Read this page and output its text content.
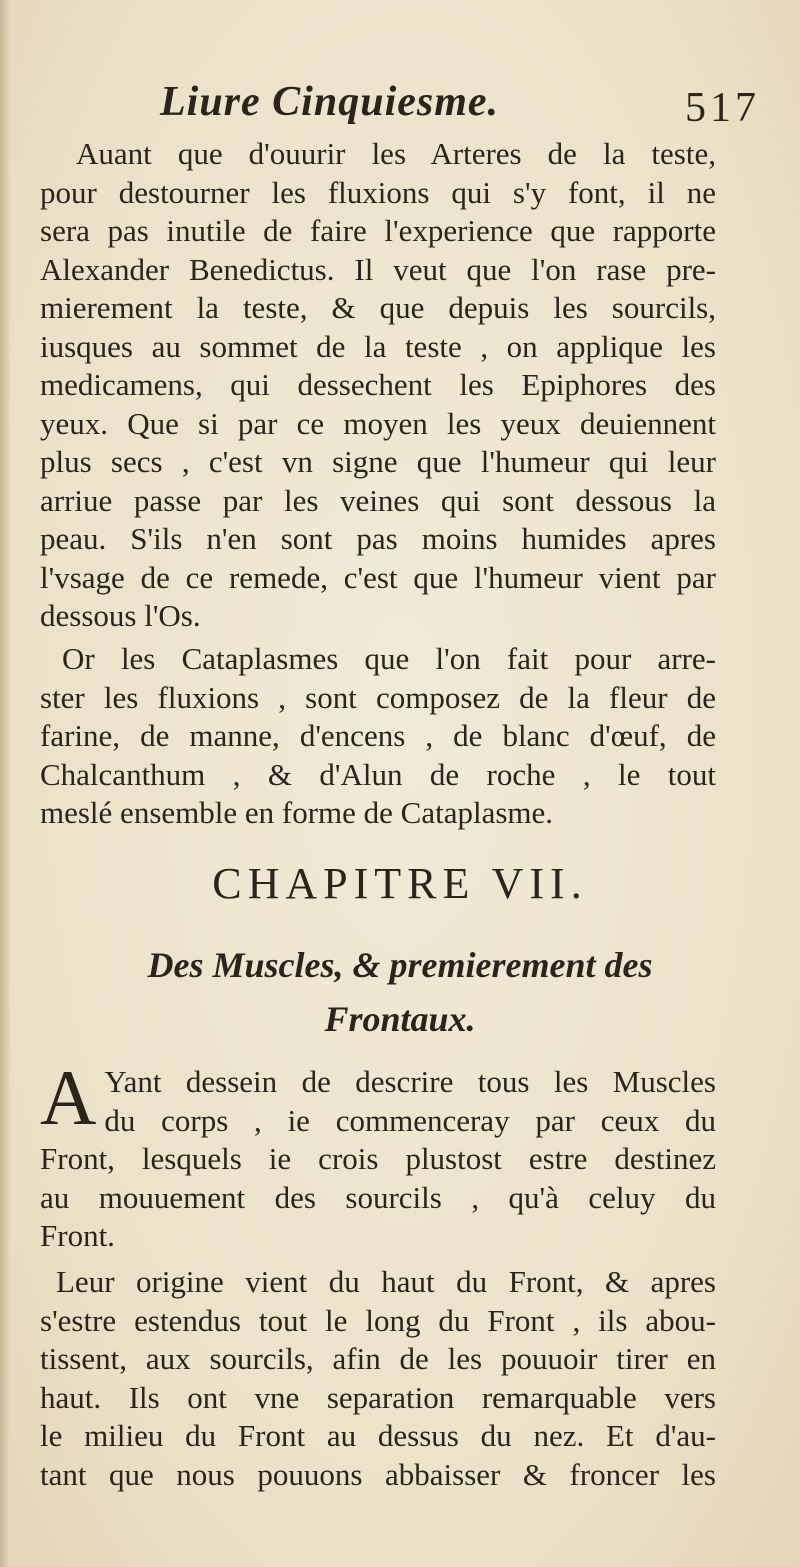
Liure Cinquiesme.	517
Auant que d'ouurir les Arteres de la teste,
pour destourner les fluxions qui s'y font, il ne
sera pas inutile de faire l'experience que rapporte
Alexander Benedictus. Il veut que l'on rase pre-
mierement la teste, & que depuis les sourcils,
iusques au sommet de la teste , on applique les
medicamens, qui dessechent les Epiphores des
yeux. Que si par ce moyen les yeux deuiennent
plus secs , c'est vn signe que l'humeur qui leur
arriue passe par les veines qui sont dessous la
peau. S'ils n'en sont pas moins humides apres
l'vsage de ce remede, c'est que l'humeur vient par
dessous l'Os.
Or les Cataplasmes que l'on fait pour arre-
ster les fluxions , sont composez de la fleur de
farine, de manne, d'encens , de blanc d'œuf, de
Chalcanthum , & d'Alun de roche , le tout
meslé ensemble en forme de Cataplasme.
CHAPITRE VII.
Des Muscles, & premierement des
Frontaux.
A Yant dessein de descrire tous les Muscles
du corps , ie commenceray par ceux du
Front, lesquels ie crois plustost estre destinez
au mouuement des sourcils , qu'à celuy du
Front.
Leur origine vient du haut du Front, & apres
s'estre estendus tout le long du Front , ils abou-
tissent, aux sourcils, afin de les pouuoir tirer en
haut. Ils ont vne separation remarquable vers
le milieu du Front au dessus du nez. Et d'au-
tant que nous pouuons abbaisser & froncer les
